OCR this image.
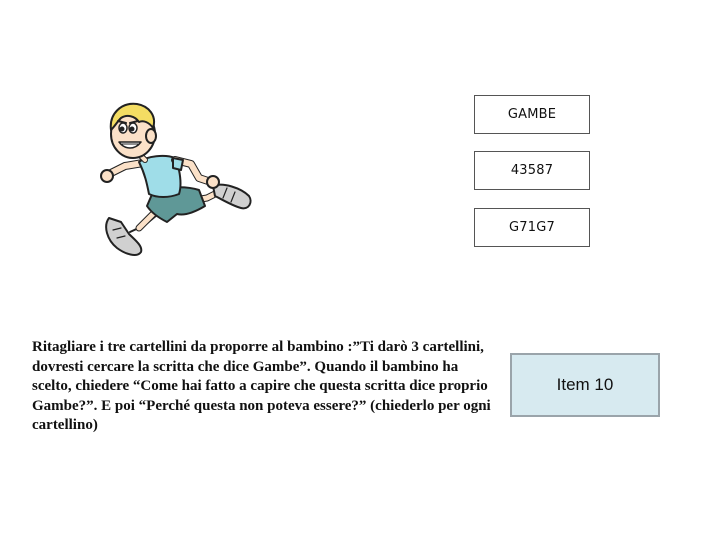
GAMBE
43587
G71G7
Ritagliare i tre cartellini da proporre al bambino :”Ti darò 3 cartellini, dovresti cercare la scritta che dice Gambe”. Quando il bambino ha scelto, chiedere “Come hai fatto a capire che questa scritta dice proprio Gambe?”. E poi “Perché questa non poteva essere?” (chiederlo per ogni cartellino)
Item 10
